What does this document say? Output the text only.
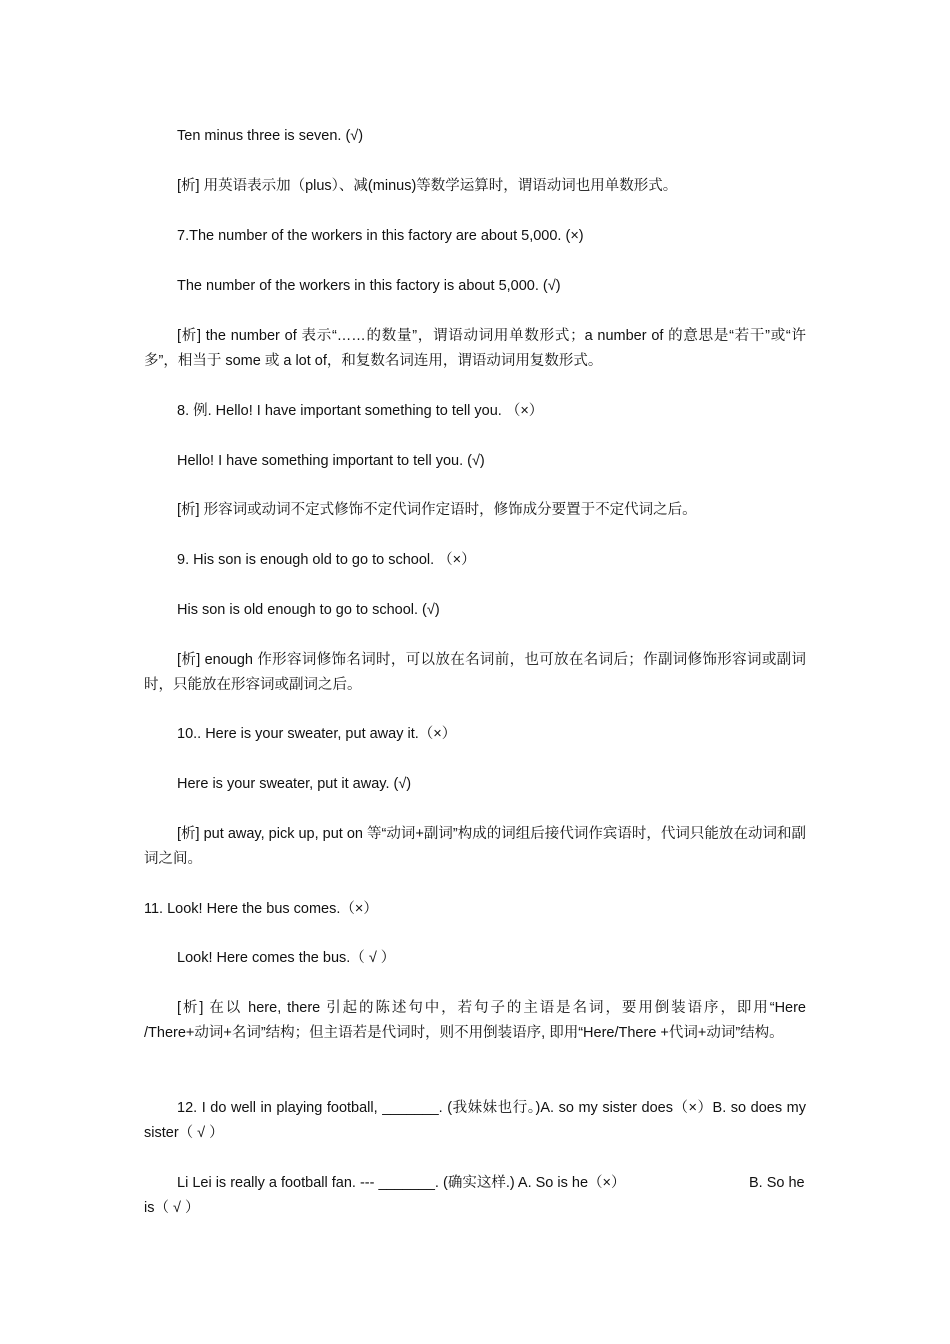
Ten minus three is seven. (√)

[析] 用英语表示加（plus）、减(minus)等数学运算时，谓语动词也用单数形式。

7.The number of the workers in this factory are about 5,000. (×)

The number of the workers in this factory is about 5,000. (√)

[析] the number of 表示“……的数量”，谓语动词用单数形式；a number of 的意思是“若干”或“许多”，相当于 some 或 a lot of，和复数名词连用，谓语动词用复数形式。

8. 例. Hello! I have important something to tell you. （×）

Hello! I have something important to tell you. (√)

[析] 形容词或动词不定式修饰不定代词作定语时，修饰成分要置于不定代词之后。

9. His son is enough old to go to school. （×）

His son is old enough to go to school. (√)

[析] enough 作形容词修饰名词时，可以放在名词前，也可放在名词后；作副词修饰形容词或副词时，只能放在形容词或副词之后。

10.. Here is your sweater, put away it.（×）

Here is your sweater, put it away. (√)

[析] put away, pick up, put on 等“动词+副词”构成的词组后接代词作宾语时，代词只能放在动词和副词之间。

11. Look! Here the bus comes.（×）

Look! Here comes the bus.（ √ ）

[析] 在以 here, there 引起的陈述句中，若句子的主语是名词，要用倒装语序，即用“Here /There+动词+名词”结构；但主语若是代词时，则不用倒装语序, 即用“Here/There +代词+动词”结构。

12. I do well in playing football, _______. (我妹妹也行。)A. so my sister does（×）B. so does my sister（ √ ）

Li Lei is really a football fan. --- _______. (确实这样.) A. So is he（×）	B. So he

is（ √ ）
